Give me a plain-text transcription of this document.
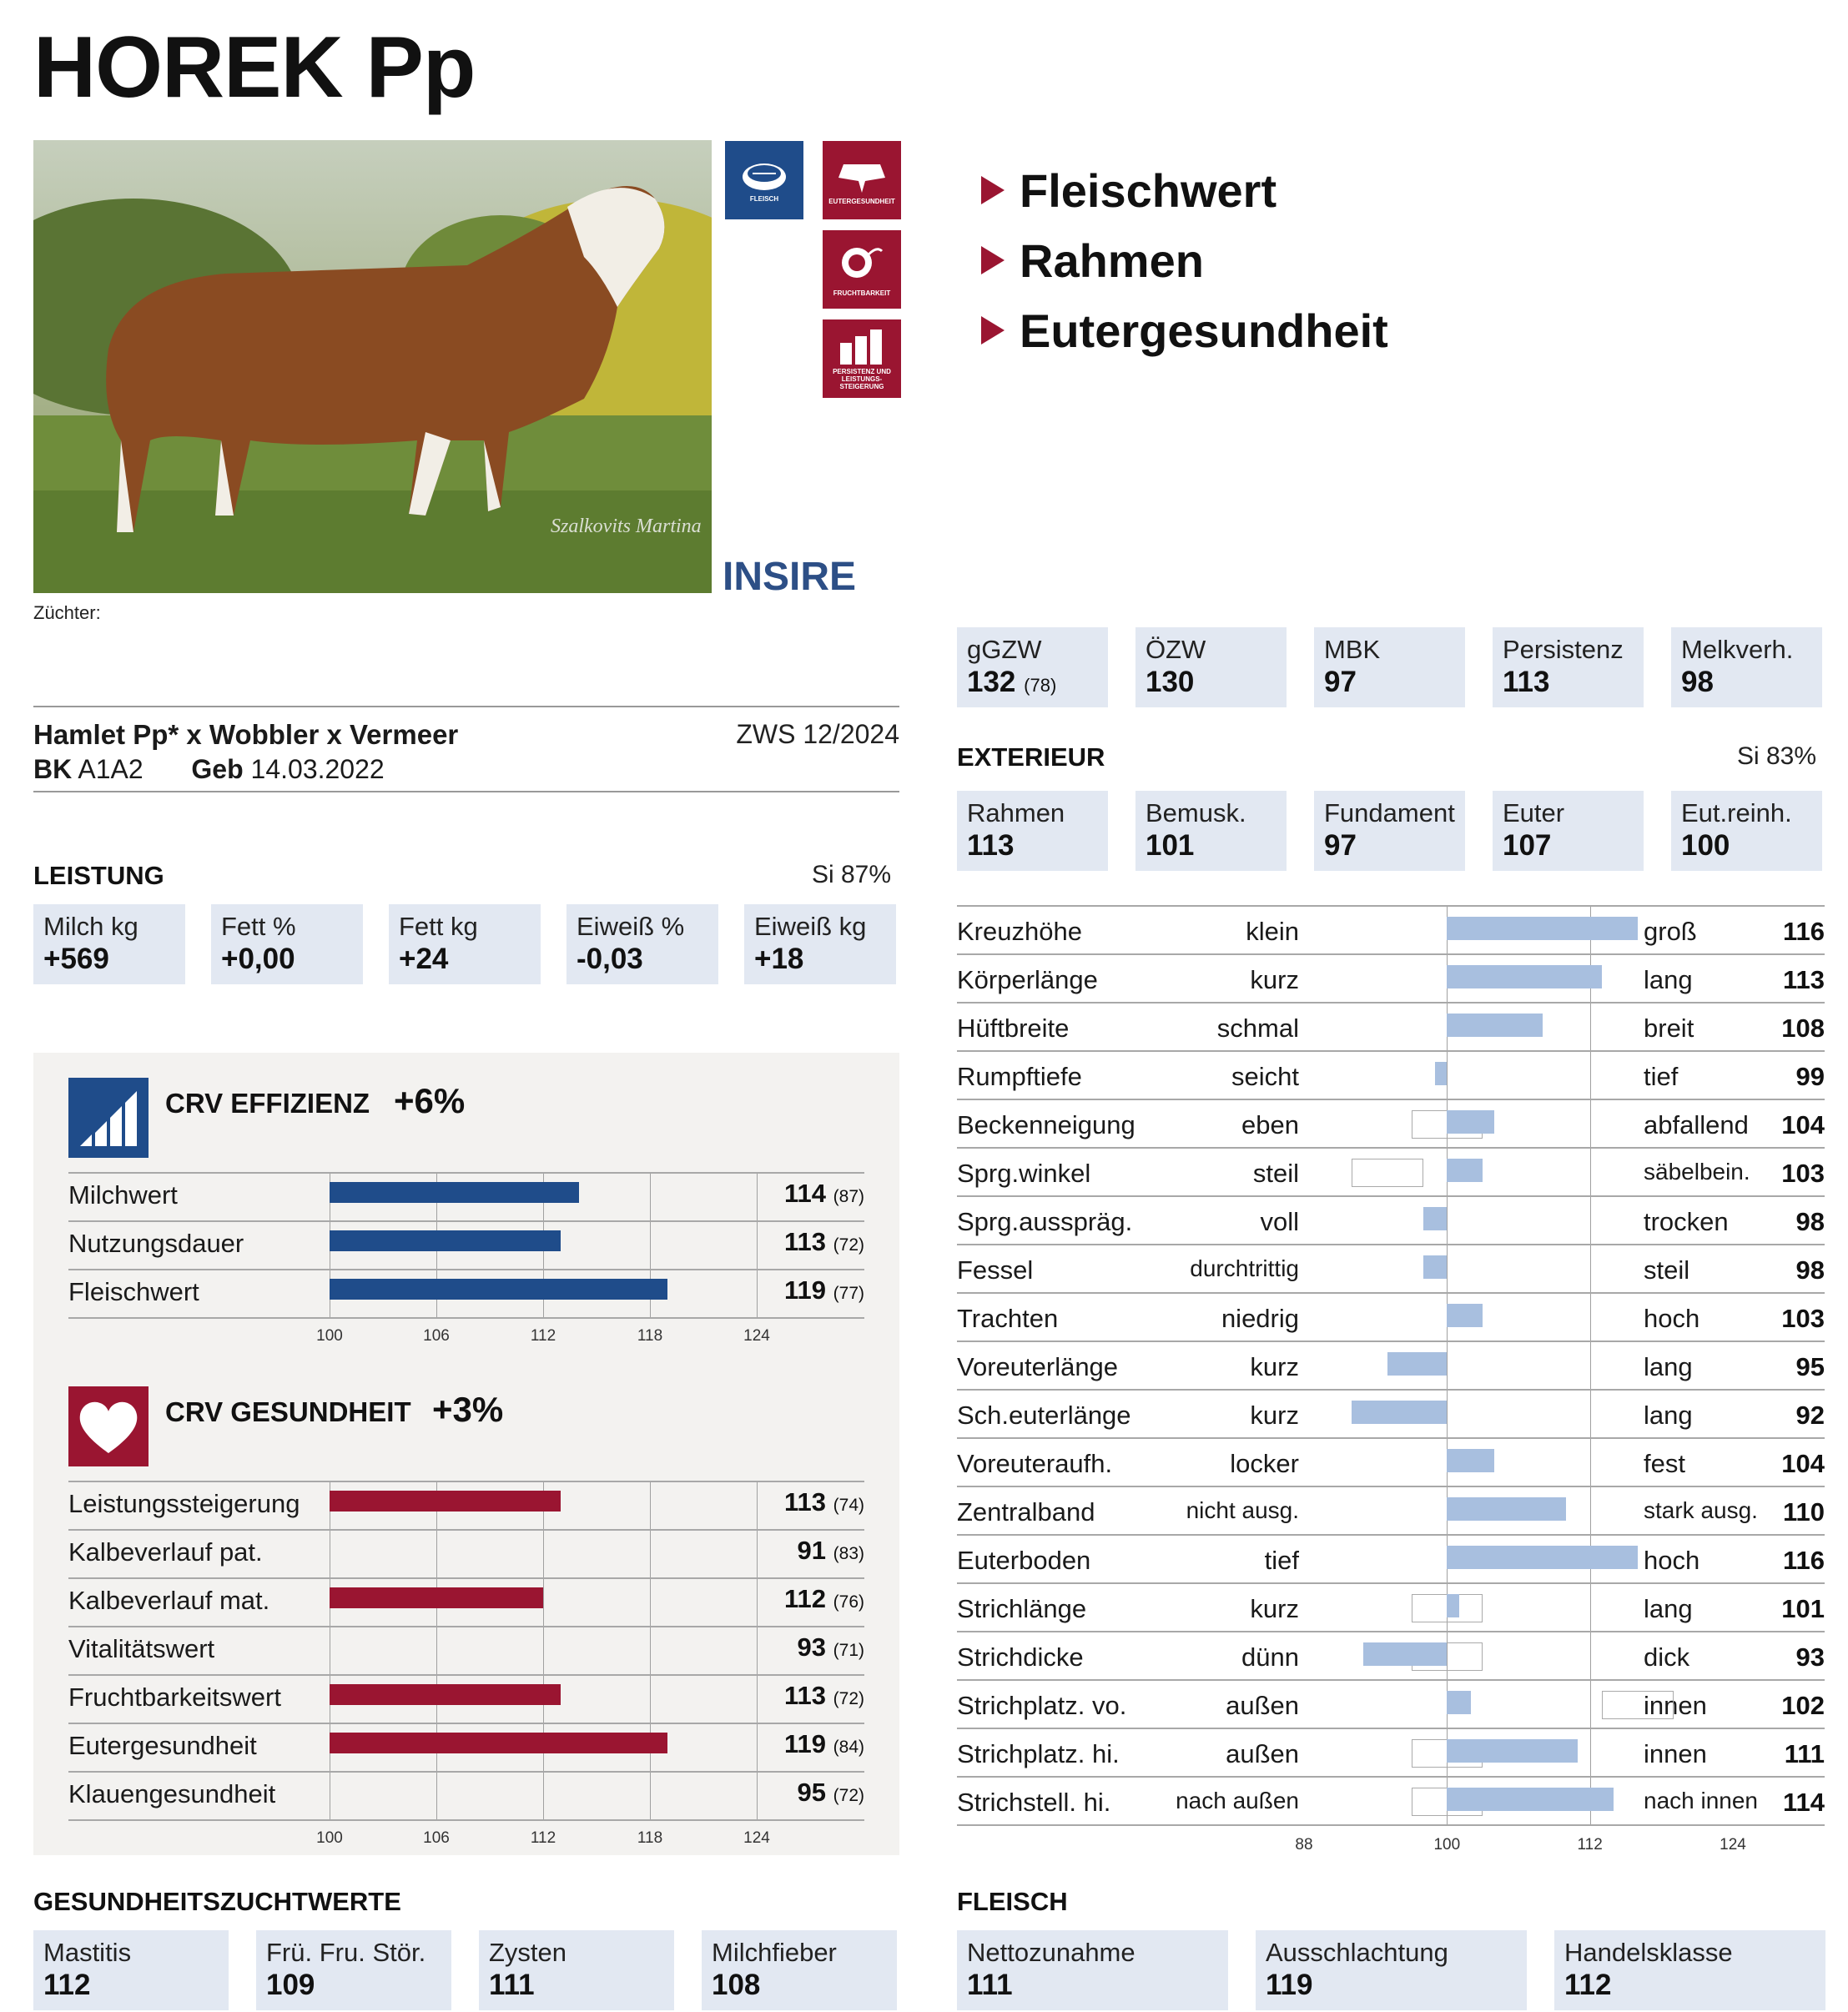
HOREK Pp
Szalkovits Martina
FLEISCH	EUTERGESUNDHEIT
FRUCHTBARKEIT
PERSISTENZ UND LEISTUNGS-STEIGERUNG
INSIRE
Züchter:
Fleischwert
Rahmen
Eutergesundheit
Hamlet Pp* x Wobbler x Vermeer	ZWS 12/2024
BK A1A2 Geb 14.03.2022
LEISTUNG	Si 87%
Milch kg
+569
Fett %
+0,00
Fett kg
+24
Eiweiß %
-0,03
Eiweiß kg
+18
CRV EFFIZIENZ +6%
CRV GESUNDHEIT +3%
Milchwert	114 (87)
Nutzungsdauer	113 (72)
Fleischwert	119 (77)
100	106	112	118	124
Leistungssteigerung	113 (74)
Kalbeverlauf pat.	91 (83)
Kalbeverlauf mat.	112 (76)
Vitalitätswert	93 (71)
Fruchtbarkeitswert	113 (72)
Eutergesundheit	119 (84)
Klauengesundheit	95 (72)
100	106	112	118	124
GESUNDHEITSZUCHTWERTE
Mastitis
112
Frü. Fru. Stör.
109
Zysten
111
Milchfieber
108
gGZW
132 (78)
ÖZW
130
MBK
97
Persistenz
113
Melkverh.
98
EXTERIEUR	Si 83%
Rahmen
113
Bemusk.
101
Fundament
97
Euter
107
Eut.reinh.
100
Kreuzhöhe	klein	groß	116
Körperlänge	kurz	lang	113
Hüftbreite	schmal	breit	108
Rumpftiefe	seicht	tief	99
Beckenneigung	eben	abfallend 104
Sprg.winkel	steil	säbelbein. 103
Sprg.ausspräg.	voll	trocken	98
Fessel	durchtrittig	steil	98
Trachten	niedrig	hoch	103
Voreuterlänge	kurz	lang	95
Sch.euterlänge	kurz	lang	92
Voreuteraufh.	locker	fest	104
Zentralband	nicht ausg.	stark ausg. 110
Euterboden	tief	hoch	116
Strichlänge	kurz	lang	101
Strichdicke	dünn	dick	93
Strichplatz. vo.	außen	innen	102
Strichplatz. hi.	außen	innen	111
Strichstell. hi.	nach außen	nach innen 114
88	100	112	124
FLEISCH
Nettozunahme
111
Ausschlachtung
119
Handelsklasse
112
